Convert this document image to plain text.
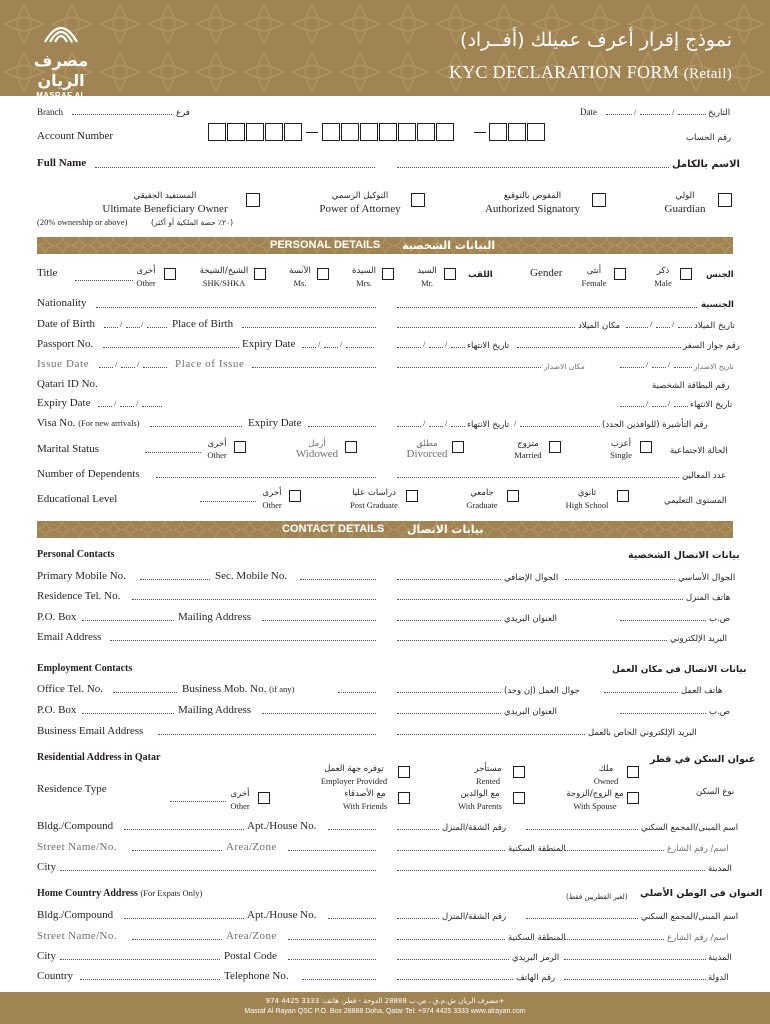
مصرف الريان
MASRAF AL RAYAN
نموذج إقرار أعرف عميلك (أفــراد)
KYC DECLARATION FORM (Retail)
Branch	فرع	Date	/	/	التاريخ
Account Number	رقم الحساب
Full Name	الاسم بالكامل
المستفيد الحقيقي
Ultimate Beneficiary Owner
(20% ownership or above)	(٢٠٪ حصة الملكية أو أكثر)
التوكيل الرسمي
Power of Attorney
المفوض بالتوقيع
Authorized Signatory
الولي
Guardian
PERSONAL DETAILS البيانات الشخصية
Title	أخرى
Other
الشيخ/الشيخة
SHK/SHKA
الآنسة
Ms.
السيدة
Mrs.
السيد
Mr.
اللقب	Gender	أنثى
Female
ذكر
Male
الجنس
Nationality	الجنسية
Date of Birth	/ /	Place of Birth	مكان الميلاد	/ / تاريخ الميلاد
Passport No.	Expiry Date	/ /	/ / تاريخ الانتهاء	رقم جواز السفر
Issue Date	/ /	Place of Issue	مكان الاصدار	/ /	تاريخ الاصدار
Qatari ID No.	رقم البطاقة الشخصية
Expiry Date	/ /	/ / تاريخ الانتهاء
Visa No. (For new arrivals)	Expiry Date	/ / تاريخ الانتهاء /	رقم التأشيرة (للوافدين الجدد)
Marital Status	أخرى
Other
أرمل
Widowed
مطلق
Divorced
متزوج
Married
أعزب
Single	الحالة الاجتماعية
Number of Dependents	عدد المعالين
Educational Level	أخرى
Other
دراسات عليا
Post Graduate
جامعي
Graduate
ثانوي
High School	المستوى التعليمي
CONTACT DETAILS بيانات الاتصال
Personal Contacts	بيانات الاتصال الشخصية
Primary Mobile No.	Sec. Mobile No.	الجوال الإضافي	الجوال الأساسي
Residence Tel. No.	هاتف المنزل
P.O. Box	Mailing Address	العنوان البريدي	ص.ب
Email Address	البريد الإلكتروني
Employment Contacts	بيانات الاتصال في مكان العمل
Office Tel. No.	Business Mob. No. (if any)	جوال العمل (إن وجد)	هاتف العمل
P.O. Box	Mailing Address	العنوان البريدي	ص.ب
Business Email Address	البريد الإلكتروني الخاص بالعمل
Residential Address in Qatar	عنوان السكن في قطر
توفره جهة العمل
Employer Provided
مستأجر
Rented
ملك
Owned
Residence Type	نوع السكن
أخرى
Other
مع الأصدقاء
With Friends
مع الوالدين
With Parents
مع الزوج/الزوجة
With Spouse
Bldg./Compound	Apt./House No.	رقم الشقة/المنزل	اسم المبنى/المجمع السكني
Street Name/No.	Area/Zone	المنطقة السكنية	اسم/ رقم الشارع
City	المدينة
Home Country Address (For Expats Only)	(لغير القطريين فقط) العنوان في الوطن الأصلي
Bldg./Compound	Apt./House No.	رقم الشقة/المنزل	اسم المبنى/المجمع السكني
Street Name/No.	Area/Zone	المنطقة السكنية	اسم/ رقم الشارع
City	Postal Code	الرمز البريدي	المدينة
Country	Telephone No.	رقم الهاتف	الدولة
مصرف الريان ش.م.ق ، ص.ب 28888 الدوحة - قطر، هاتف: 3333 4425 974+
Masraf Al Rayan QSC P.O. Box 28888 Doha, Qatar Tel: +974 4425 3333 www.alrayan.com
